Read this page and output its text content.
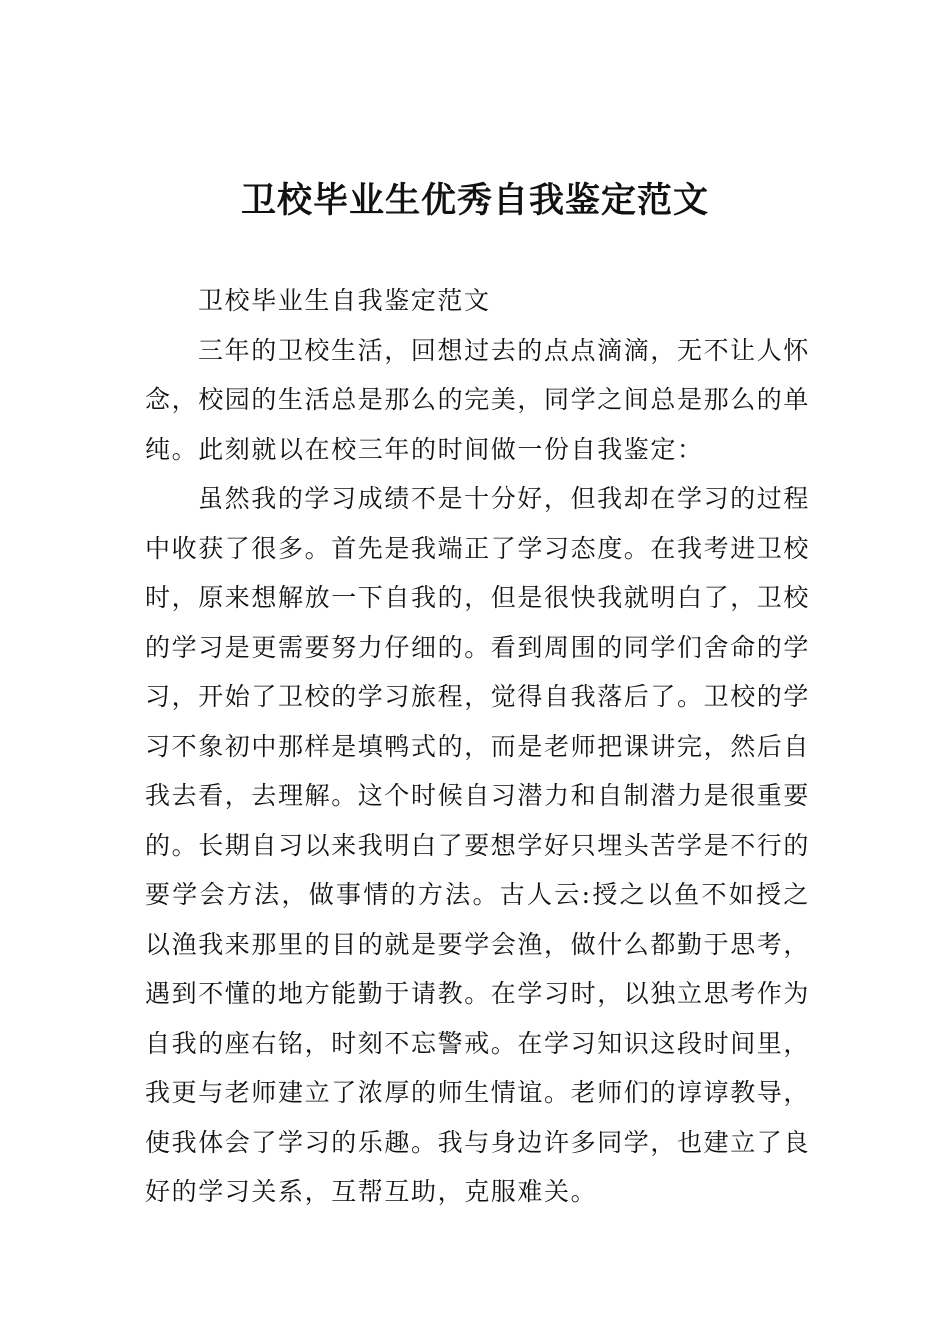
卫校毕业生优秀自我鉴定范文

卫校毕业生自我鉴定范文

三年的卫校生活，回想过去的点点滴滴，无不让人怀念，校园的生活总是那么的完美，同学之间总是那么的单纯。此刻就以在校三年的时间做一份自我鉴定：

虽然我的学习成绩不是十分好，但我却在学习的过程中收获了很多。首先是我端正了学习态度。在我考进卫校时，原来想解放一下自我的，但是很快我就明白了，卫校的学习是更需要努力仔细的。看到周围的同学们舍命的学习，开始了卫校的学习旅程，觉得自我落后了。卫校的学习不象初中那样是填鸭式的，而是老师把课讲完，然后自我去看，去理解。这个时候自习潜力和自制潜力是很重要的。长期自习以来我明白了要想学好只埋头苦学是不行的要学会方法，做事情的方法。古人云:授之以鱼不如授之以渔我来那里的目的就是要学会渔，做什么都勤于思考，遇到不懂的地方能勤于请教。在学习时，以独立思考作为自我的座右铭，时刻不忘警戒。在学习知识这段时间里，我更与老师建立了浓厚的师生情谊。老师们的谆谆教导，使我体会了学习的乐趣。我与身边许多同学，也建立了良好的学习关系，互帮互助，克服难关。
